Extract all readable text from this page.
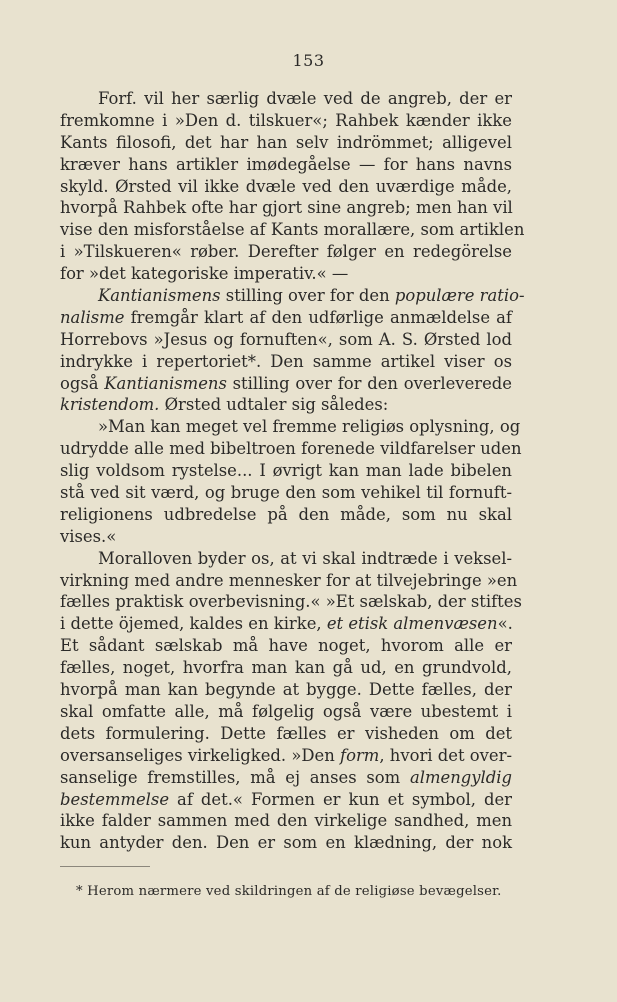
153
Forf. vil her særlig dvæle ved de angreb, der er
fremkomne i »Den d. tilskuer«; Rahbek kænder ikke
Kants filosofi, det har han selv indrömmet; alligevel
kræver hans artikler imødegåelse — for hans navns
skyld. Ørsted vil ikke dvæle ved den uværdige måde,
hvorpå Rahbek ofte har gjort sine angreb; men han vil
vise den misforståelse af Kants morallære, som artiklen
i »Tilskueren« røber. Derefter følger en redegörelse
for »det kategoriske imperativ.« —
Kantianismens stilling over for den populære ratio-
nalisme fremgår klart af den udførlige anmældelse af
Horrebovs »Jesus og fornuften«, som A. S. Ørsted lod
indrykke i repertoriet*. Den samme artikel viser os
også Kantianismens stilling over for den overleverede
kristendom. Ørsted udtaler sig således:
»Man kan meget vel fremme religiøs oplysning, og
udrydde alle med bibeltroen forenede vildfarelser uden
slig voldsom rystelse... I øvrigt kan man lade bibelen
stå ved sit værd, og bruge den som vehikel til fornuft-
religionens udbredelse på den måde, som nu skal
vises.«
Moralloven byder os, at vi skal indtræde i veksel-
virkning med andre mennesker for at tilvejebringe »en
fælles praktisk overbevisning.« »Et sælskab, der stiftes
i dette öjemed, kaldes en kirke, et etisk almenvæsen«.
Et sådant sælskab må have noget, hvorom alle er
fælles, noget, hvorfra man kan gå ud, en grundvold,
hvorpå man kan begynde at bygge. Dette fælles, der
skal omfatte alle, må følgelig også være ubestemt i
dets formulering. Dette fælles er visheden om det
oversanseliges virkeligked. »Den form, hvori det over-
sanselige fremstilles, må ej anses som almengyldig
bestemmelse af det.« Formen er kun et symbol, der
ikke falder sammen med den virkelige sandhed, men
kun antyder den. Den er som en klædning, der nok
* Herom nærmere ved skildringen af de religiøse bevægelser.
